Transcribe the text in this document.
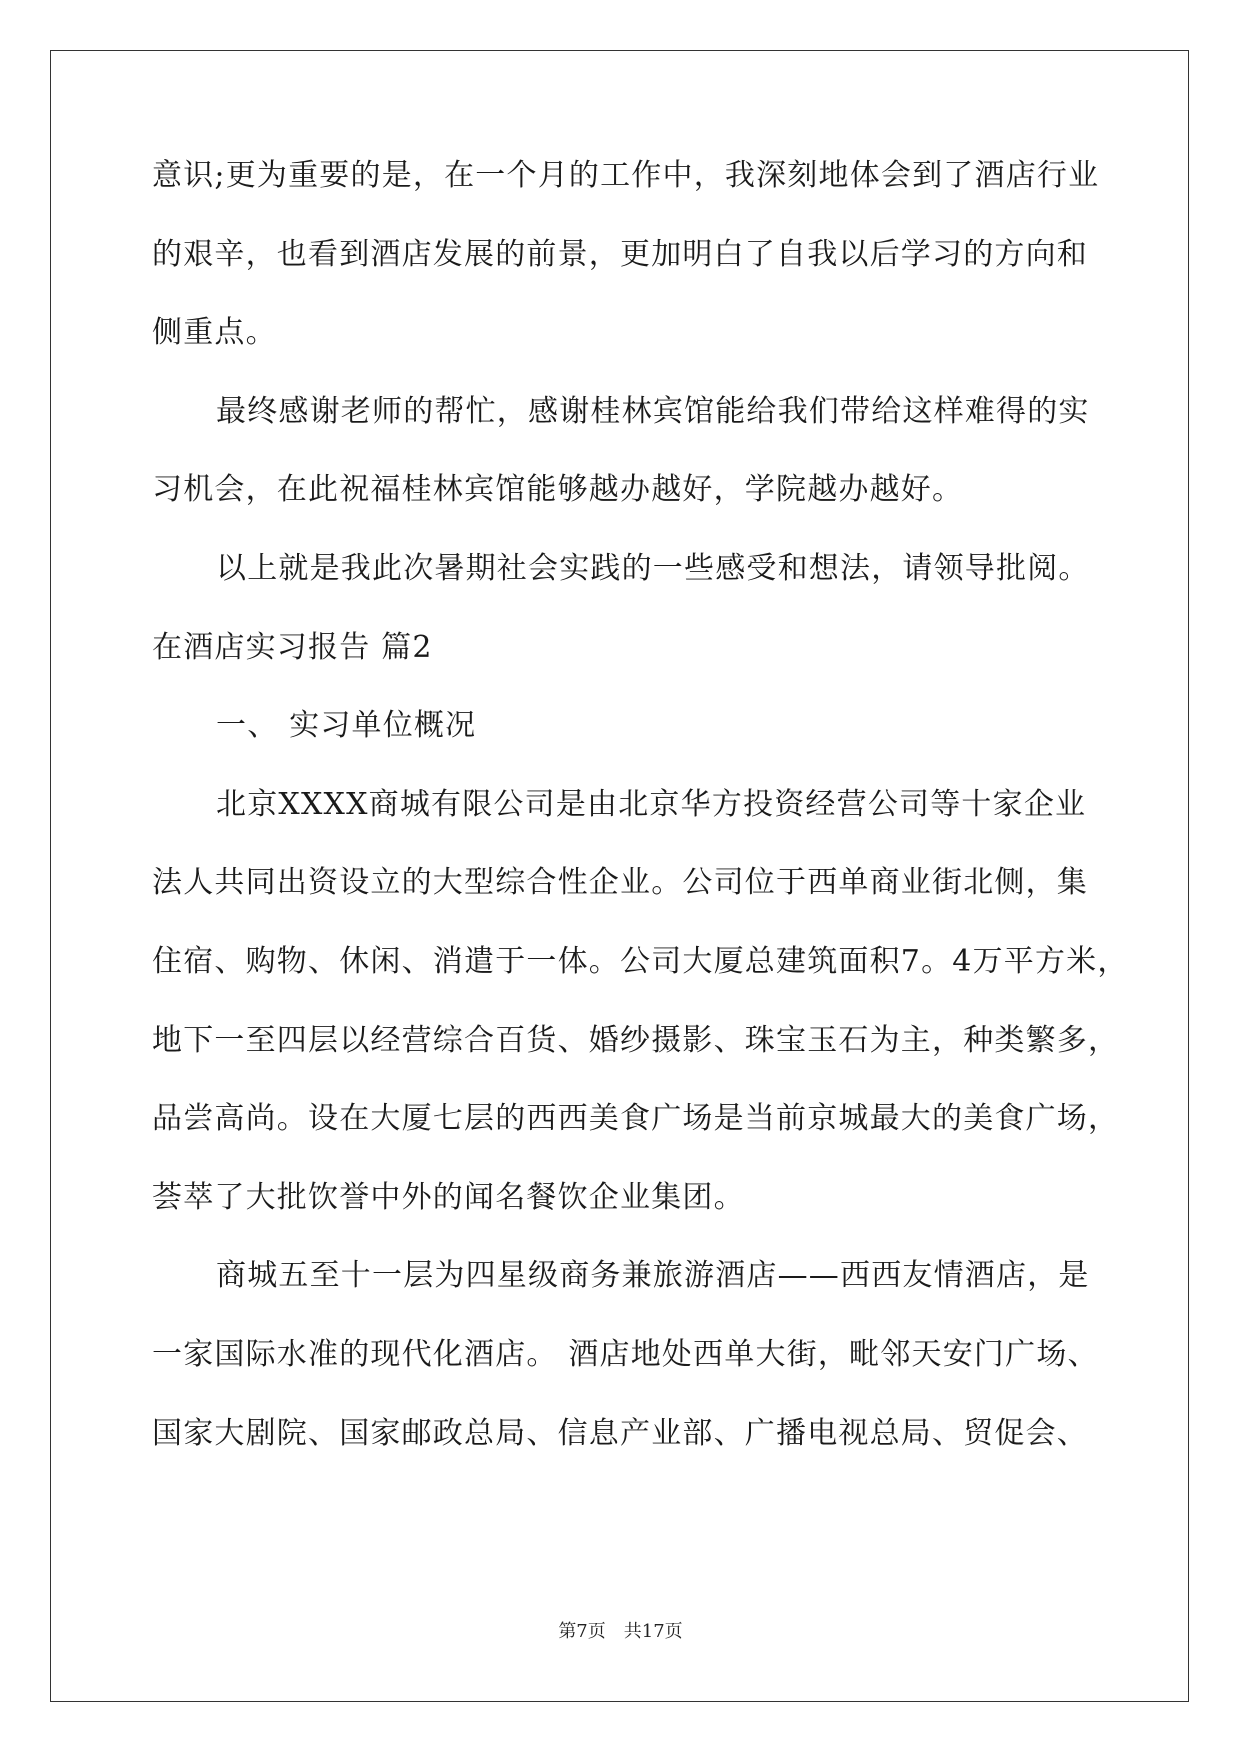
意识;更为重要的是，在一个月的工作中，我深刻地体会到了酒店行业
的艰辛，也看到酒店发展的前景，更加明白了自我以后学习的方向和
侧重点。
最终感谢老师的帮忙，感谢桂林宾馆能给我们带给这样难得的实
习机会，在此祝福桂林宾馆能够越办越好，学院越办越好。
以上就是我此次暑期社会实践的一些感受和想法，请领导批阅。
在酒店实习报告 篇2
一、 实习单位概况
北京XXXX商城有限公司是由北京华方投资经营公司等十家企业
法人共同出资设立的大型综合性企业。公司位于西单商业街北侧，集
住宿、购物、休闲、消遣于一体。公司大厦总建筑面积7。4万平方米，
地下一至四层以经营综合百货、婚纱摄影、珠宝玉石为主，种类繁多，
品尝高尚。设在大厦七层的西西美食广场是当前京城最大的美食广场，
荟萃了大批饮誉中外的闻名餐饮企业集团。
商城五至十一层为四星级商务兼旅游酒店——西西友情酒店，是
一家国际水准的现代化酒店。 酒店地处西单大街，毗邻天安门广场、
国家大剧院、国家邮政总局、信息产业部、广播电视总局、贸促会、
第7页 共17页
